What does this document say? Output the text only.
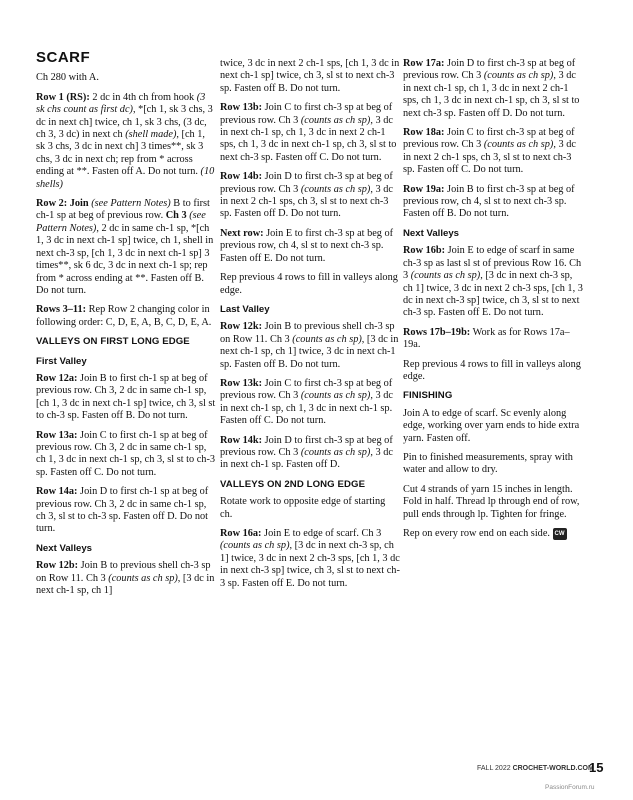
SCARF
Ch 280 with A.
Row 1 (RS): 2 dc in 4th ch from hook (3 sk chs count as first dc), *[ch 1, sk 3 chs, 3 dc in next ch] twice, ch 1, sk 3 chs, (3 dc, ch 3, 3 dc) in next ch (shell made), [ch 1, sk 3 chs, 3 dc in next ch] 3 times**, sk 3 chs, 3 dc in next ch; rep from * across ending at **. Fasten off A. Do not turn. (10 shells)
Row 2: Join (see Pattern Notes) B to first ch-1 sp at beg of previous row. Ch 3 (see Pattern Notes), 2 dc in same ch-1 sp, *[ch 1, 3 dc in next ch-1 sp] twice, ch 1, shell in next ch-3 sp, [ch 1, 3 dc in next ch-1 sp] 3 times**, sk 6 dc, 3 dc in next ch-1 sp; rep from * across ending at **. Fasten off B. Do not turn.
Rows 3–11: Rep Row 2 changing color in following order: C, D, E, A, B, C, D, E, A.
VALLEYS ON FIRST LONG EDGE
First Valley
Row 12a: Join B to first ch-1 sp at beg of previous row. Ch 3, 2 dc in same ch-1 sp, [ch 1, 3 dc in next ch-1 sp] twice, ch 3, sl st to ch-3 sp. Fasten off B. Do not turn.
Row 13a: Join C to first ch-1 sp at beg of previous row. Ch 3, 2 dc in same ch-1 sp, ch 1, 3 dc in next ch-1 sp, ch 3, sl st to ch-3 sp. Fasten off C. Do not turn.
Row 14a: Join D to first ch-1 sp at beg of previous row. Ch 3, 2 dc in same ch-1 sp, ch 3, sl st to ch-3 sp. Fasten off D. Do not turn.
Next Valleys
Row 12b: Join B to previous shell ch-3 sp on Row 11. Ch 3 (counts as ch sp), [3 dc in next ch-1 sp, ch 1]
twice, 3 dc in next 2 ch-1 sps, [ch 1, 3 dc in next ch-1 sp] twice, ch 3, sl st to next ch-3 sp. Fasten off B. Do not turn.
Row 13b: Join C to first ch-3 sp at beg of previous row. Ch 3 (counts as ch sp), 3 dc in next ch-1 sp, ch 1, 3 dc in next 2 ch-1 sps, ch 1, 3 dc in next ch-1 sp, ch 3, sl st to next ch-3 sp. Fasten off C. Do not turn.
Row 14b: Join D to first ch-3 sp at beg of previous row. Ch 3 (counts as ch sp), 3 dc in next 2 ch-1 sps, ch 3, sl st to next ch-3 sp. Fasten off D. Do not turn.
Next row: Join E to first ch-3 sp at beg of previous row, ch 4, sl st to next ch-3 sp. Fasten off E. Do not turn.
Rep previous 4 rows to fill in valleys along edge.
Last Valley
Row 12k: Join B to previous shell ch-3 sp on Row 11. Ch 3 (counts as ch sp), [3 dc in next ch-1 sp, ch 1] twice, 3 dc in next ch-1 sp. Fasten off B. Do not turn.
Row 13k: Join C to first ch-3 sp at beg of previous row. Ch 3 (counts as ch sp), 3 dc in next ch-1 sp, ch 1, 3 dc in next ch-1 sp. Fasten off C. Do not turn.
Row 14k: Join D to first ch-3 sp at beg of previous row. Ch 3 (counts as ch sp), 3 dc in next ch-1 sp. Fasten off D.
VALLEYS ON 2ND LONG EDGE
Rotate work to opposite edge of starting ch.
Row 16a: Join E to edge of scarf. Ch 3 (counts as ch sp), [3 dc in next ch-3 sp, ch 1] twice, 3 dc in next 2 ch-3 sps, [ch 1, 3 dc in next ch-3 sp] twice, ch 3, sl st to next ch-3 sp. Fasten off E. Do not turn.
Row 17a: Join D to first ch-3 sp at beg of previous row. Ch 3 (counts as ch sp), 3 dc in next ch-1 sp, ch 1, 3 dc in next 2 ch-1 sps, ch 1, 3 dc in next ch-1 sp, ch 3, sl st to next ch-3 sp. Fasten off D. Do not turn.
Row 18a: Join C to first ch-3 sp at beg of previous row. Ch 3 (counts as ch sp), 3 dc in next 2 ch-1 sps, ch 3, sl st to next ch-3 sp. Fasten off C. Do not turn.
Row 19a: Join B to first ch-3 sp at beg of previous row, ch 4, sl st to next ch-3 sp. Fasten off B. Do not turn.
Next Valleys
Row 16b: Join E to edge of scarf in same ch-3 sp as last sl st of previous Row 16. Ch 3 (counts as ch sp), [3 dc in next ch-3 sp, ch 1] twice, 3 dc in next 2 ch-3 sps, [ch 1, 3 dc in next ch-3 sp] twice, ch 3, sl st to next ch-3 sp. Fasten off E. Do not turn.
Rows 17b–19b: Work as for Rows 17a–19a.
Rep previous 4 rows to fill in valleys along edge.
FINISHING
Join A to edge of scarf. Sc evenly along edge, working over yarn ends to hide extra yarn. Fasten off.
Pin to finished measurements, spray with water and allow to dry.
Cut 4 strands of yarn 15 inches in length. Fold in half. Thread lp through end of row, pull ends through lp. Tighten for fringe.
Rep on every row end on each side. CW
FALL 2022 CROCHET-WORLD.COM
15
PassionForum.ru
